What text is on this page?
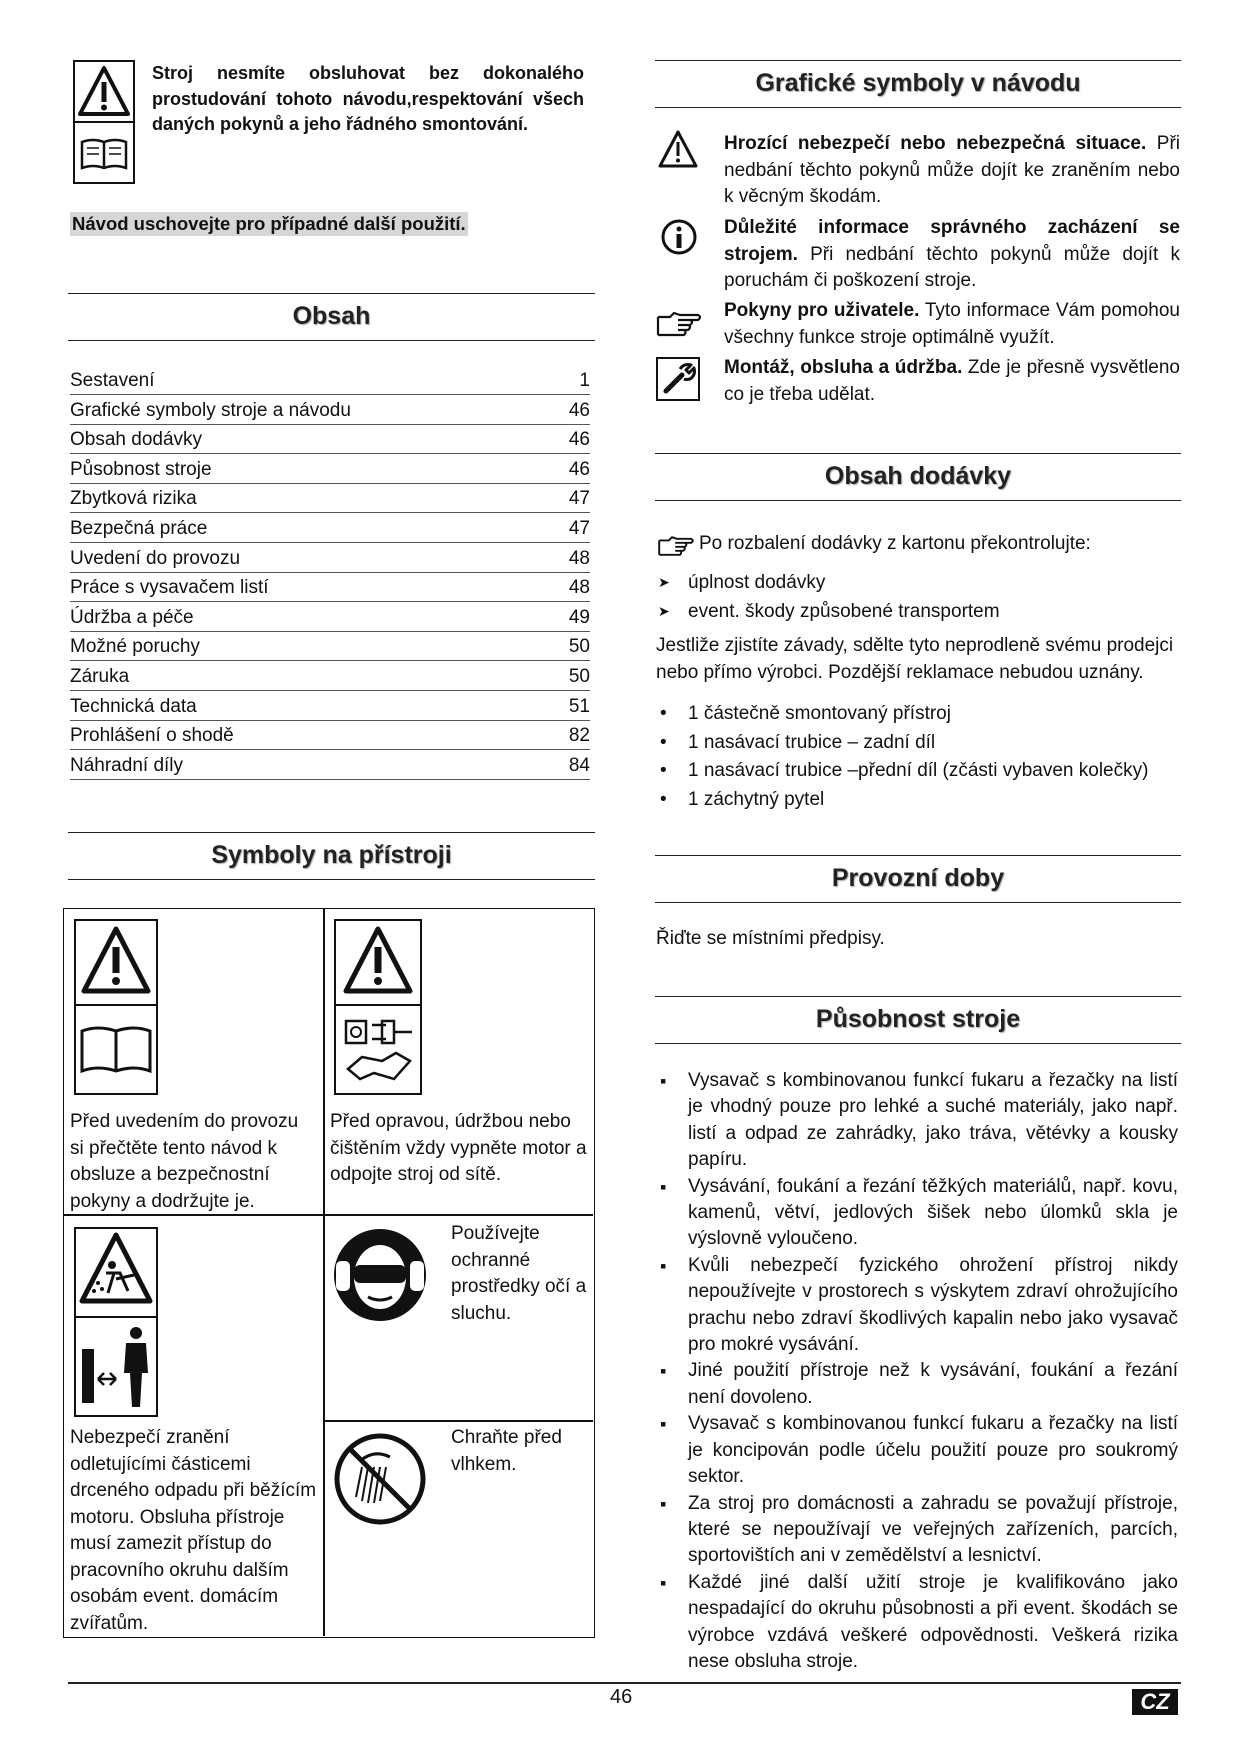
Stroj nesmíte obsluhovat bez dokonalého prostudování tohoto návodu,respektování všech daných pokynů a jeho řádného smontování.
Návod uschovejte pro případné další použití.
Obsah
Sestavení	1
Grafické symboly stroje a návodu	46
Obsah dodávky	46
Působnost stroje	46
Zbytková rizika	47
Bezpečná práce	47
Uvedení do provozu	48
Práce s vysavačem listí	48
Údržba a péče	49
Možné poruchy	50
Záruka	50
Technická data	51
Prohlášení o shodě	82
Náhradní díly	84
Symboly na přístroji
Před uvedením do provozu si přečtěte tento návod k obsluze a bezpečnostní pokyny a dodržujte je.
Před opravou, údržbou nebo čištěním vždy vypněte motor a odpojte stroj od sítě.
Používejte ochranné prostředky očí a sluchu.
Nebezpečí zranění odletujícími částicemi drceného odpadu při běžícím motoru. Obsluha přístroje musí zamezit přístup do pracovního okruhu dalším osobám event. domácím zvířatům.
Chraňte před vlhkem.
Grafické symboly v návodu
Hrozící nebezpečí nebo nebezpečná situace. Při nedbání těchto pokynů může dojít ke zraněním nebo k věcným škodám.
Důležité informace správného zacházení se strojem. Při nedbání těchto pokynů může dojít k poruchám či poškození stroje.
Pokyny pro uživatele. Tyto informace Vám pomohou všechny funkce stroje optimálně využít.
Montáž, obsluha a údržba. Zde je přesně vysvětleno co je třeba udělat.
Obsah dodávky
Po rozbalení dodávky z kartonu překontrolujte:
➤ úplnost dodávky
➤ event. škody způsobené transportem
Jestliže zjistíte závady, sdělte tyto neprodleně svému prodejci nebo přímo výrobci. Pozdější reklamace nebudou uznány.
• 1 částečně smontovaný přístroj
• 1 nasávací trubice – zadní díl
• 1 nasávací trubice –přední díl (zčásti vybaven kolečky)
• 1 záchytný pytel
Provozní doby
Řiďte se místními předpisy.
Působnost stroje
▪ Vysavač s kombinovanou funkcí fukaru a řezačky na listí je vhodný pouze pro lehké a suché materiály, jako např. listí a odpad ze zahrádky, jako tráva, větévky a kousky papíru.
▪ Vysávání, foukání a řezání těžkých materiálů, např. kovu, kamenů, větví, jedlových šišek nebo úlomků skla je výslovně vyloučeno.
▪ Kvůli nebezpečí fyzického ohrožení přístroj nikdy nepoužívejte v prostorech s výskytem zdraví ohrožujícího prachu nebo zdraví škodlivých kapalin nebo jako vysavač pro mokré vysávání.
▪ Jiné použití přístroje než k vysávání, foukání a řezání není dovoleno.
▪ Vysavač s kombinovanou funkcí fukaru a řezačky na listí je koncipován podle účelu použití pouze pro soukromý sektor.
▪ Za stroj pro domácnosti a zahradu se považují přístroje, které se nepoužívají ve veřejných zařízeních, parcích, sportovištích ani v zemědělství a lesnictví.
▪ Každé jiné další užití stroje je kvalifikováno jako nespadající do okruhu působnosti a při event. škodách se výrobce vzdává veškeré odpovědnosti. Veškerá rizika nese obsluha stroje.
46	CZ
